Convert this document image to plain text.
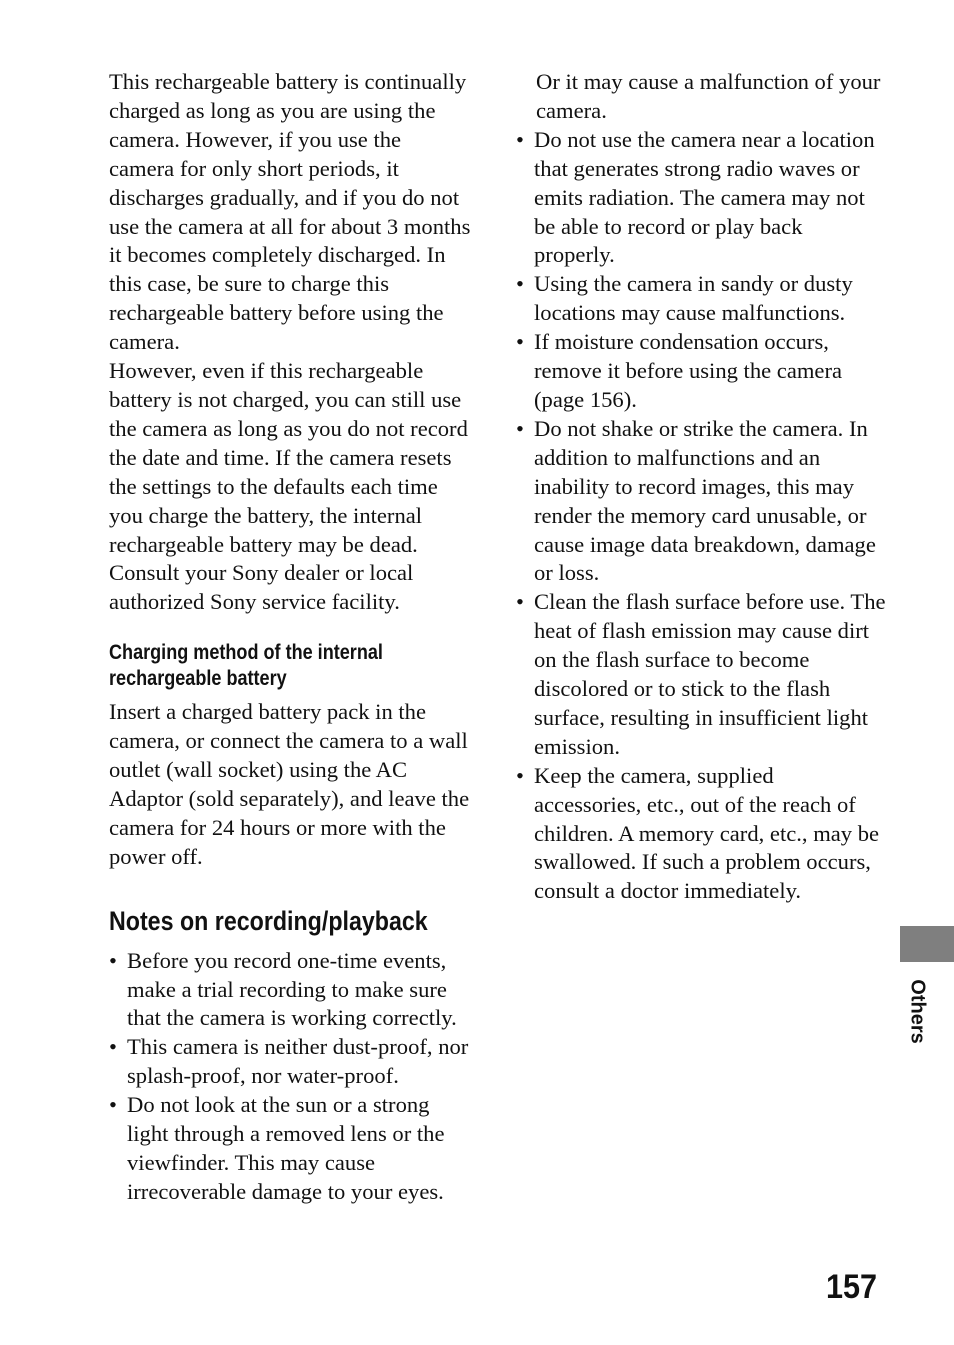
This rechargeable battery is continually charged as long as you are using the camera. However, if you use the camera for only short periods, it discharges gradually, and if you do not use the camera at all for about 3 months it becomes completely discharged. In this case, be sure to charge this rechargeable battery before using the camera.

However, even if this rechargeable battery is not charged, you can still use the camera as long as you do not record the date and time. If the camera resets the settings to the defaults each time you charge the battery, the internal rechargeable battery may be dead. Consult your Sony dealer or local authorized Sony service facility.

Charging method of the internal rechargeable battery

Insert a charged battery pack in the camera, or connect the camera to a wall outlet (wall socket) using the AC Adaptor (sold separately), and leave the camera for 24 hours or more with the power off.

Notes on recording/playback
• Before you record one-time events, make a trial recording to make sure that the camera is working correctly.
• This camera is neither dust-proof, nor splash-proof, nor water-proof.
• Do not look at the sun or a strong light through a removed lens or the viewfinder. This may cause irrecoverable damage to your eyes.

Or it may cause a malfunction of your camera.

• Do not use the camera near a location that generates strong radio waves or emits radiation. The camera may not be able to record or play back properly.
• Using the camera in sandy or dusty locations may cause malfunctions.
• If moisture condensation occurs, remove it before using the camera (page 156).
• Do not shake or strike the camera. In addition to malfunctions and an inability to record images, this may render the memory card unusable, or cause image data breakdown, damage or loss.
• Clean the flash surface before use. The heat of flash emission may cause dirt on the flash surface to become discolored or to stick to the flash surface, resulting in insufficient light emission.
• Keep the camera, supplied accessories, etc., out of the reach of children. A memory card, etc., may be swallowed. If such a problem occurs, consult a doctor immediately.
Others
157
